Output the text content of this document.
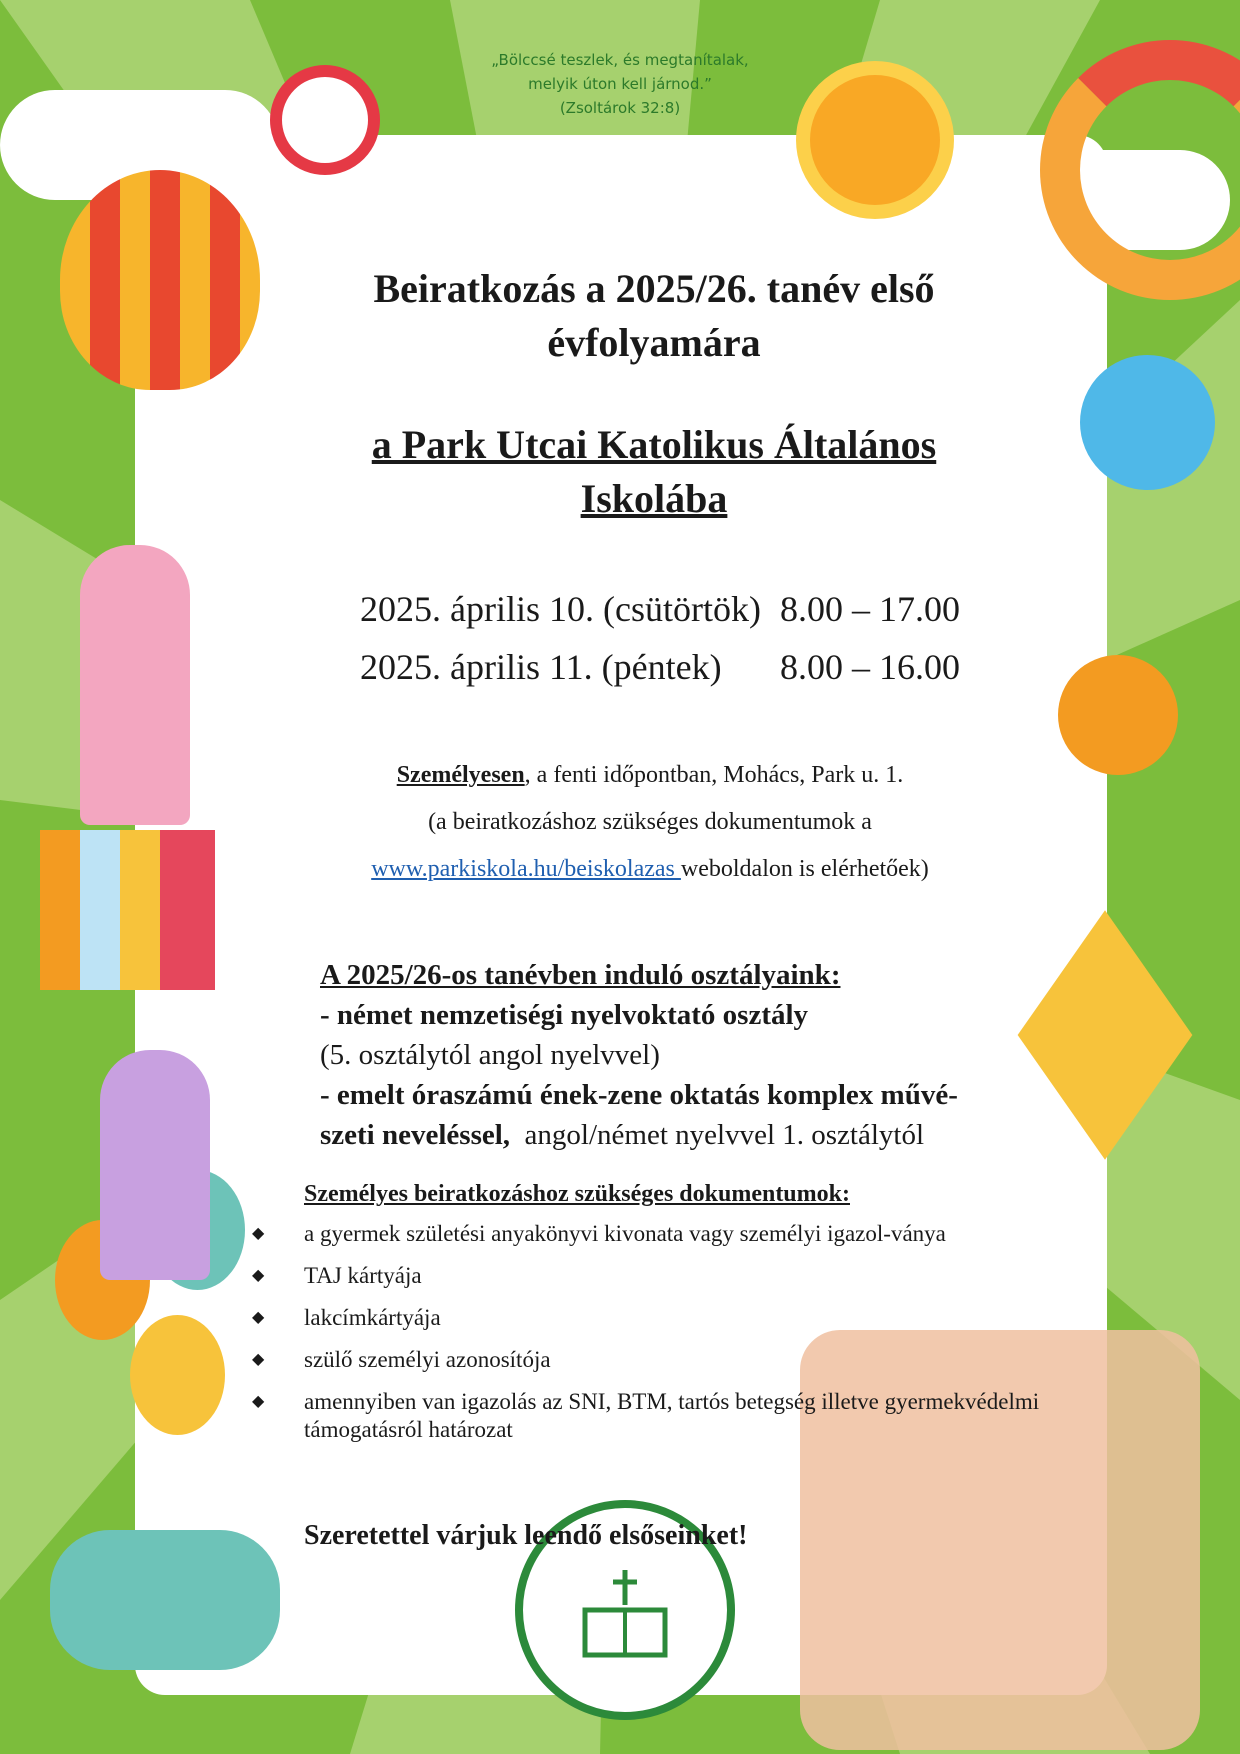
„Bölccsé teszlek, és megtanítalak,
melyik úton kell járnod.”
(Zsoltárok 32:8)
Beiratkozás a 2025/26. tanév első
évfolyamára
a Park Utcai Katolikus Általános
Iskolába
2025. április 10. (csütörtök) 8.00 – 17.00
2025. április 11. (péntek)	8.00 – 16.00
Személyesen, a fenti időpontban, Mohács, Park u. 1.
(a beiratkozáshoz szükséges dokumentumok a
www.parkiskola.hu/beiskolazas weboldalon is elérhetőek)
A 2025/26-os tanévben induló osztályaink:
- német nemzetiségi nyelvoktató osztály
(5. osztálytól angol nyelvvel)
- emelt óraszámú ének-zene oktatás komplex művé-
szeti neveléssel,  angol/német nyelvvel 1. osztálytól
Személyes beiratkozáshoz szükséges dokumentumok:
◆ a gyermek születési anyakönyvi kivonata vagy személyi igazol-ványa
◆ TAJ kártyája
◆ lakcímkártyája
◆ szülő személyi azonosítója
◆ amennyiben van igazolás az SNI, BTM, tartós betegség illetve gyermekvédelmi támogatásról határozat
Szeretettel várjuk leendő elsőseinket!
